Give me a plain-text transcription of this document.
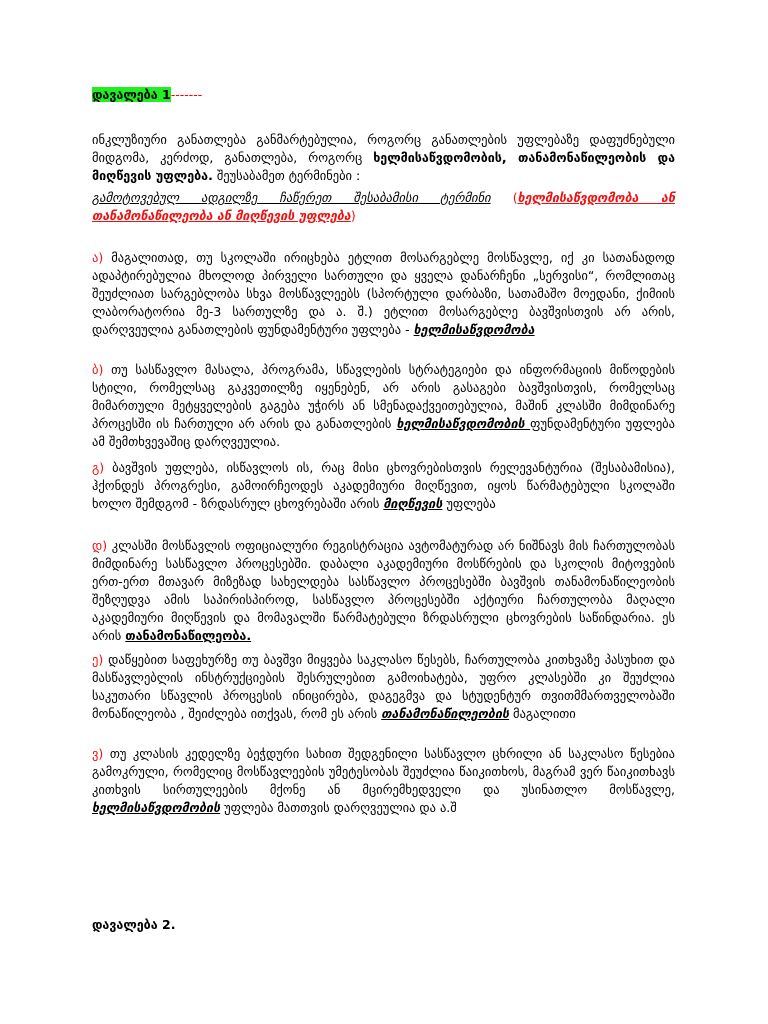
დავალება 1-------
ინკლუზიური განათლება განმარტებულია, როგორც განათლების უფლებაზე დაფუძნებული მიდგომა, კერძოდ, განათლება, როგორც ხელმისაწვდომობის, თანამონაწილეობის და მიღწევის უფლება. შეუსაბამეთ ტერმინები :
გამოტოვებულ ადგილზე ჩაწერეთ შესაბამისი ტერმინი (ხელმისაწვდომობა ან თანამონაწილეობა ან მიღწევის უფლება)
ა) მაგალითად, თუ სკოლაში ირიცხება ეტლით მოსარგებლე მოსწავლე, იქ კი სათანადოდ ადაპტირებულია მხოლოდ პირველი სართული და ყველა დანარჩენი „სერვისი“, რომლითაც შეუძლიათ სარგებლობა სხვა მოსწავლეებს (სპორტული დარბაზი, სათამაშო მოედანი, ქიმიის ლაბორატორია მე-3 სართულზე და ა. შ.) ეტლით მოსარგებლე ბავშვისთვის არ არის, დარღვეულია განათლების ფუნდამენტური უფლება - ხელმისაწვდომობა
ბ) თუ სასწავლო მასალა, პროგრამა, სწავლების სტრატეგიები და ინფორმაციის მიწოდების სტილი, რომელსაც გაკვეთილზე იყენებენ, არ არის გასაგები ბავშვისთვის, რომელსაც მიმართული მეტყველების გაგება უჭირს ან სმენადაქვეითებულია, მაშინ კლასში მიმდინარე პროცესში ის ჩართული არ არის და განათლების ხელმისაწვდომობის ფუნდამენტური უფლება ამ შემთხვევაშიც დარღვეულია.
გ) ბავშვის უფლება, ისწავლოს ის, რაც მისი ცხოვრებისთვის რელევანტურია (შესაბამისია), ჰქონდეს პროგრესი, გამოირჩეოდეს აკადემიური მიღწევით, იყოს წარმატებული სკოლაში ხოლო შემდგომ - ზრდასრულ ცხოვრებაში არის მიღწევის უფლება
დ) კლასში მოსწავლის ოფიციალური რეგისტრაცია ავტომატურად არ ნიშნავს მის ჩართულობას მიმდინარე სასწავლო პროცესებში. დაბალი აკადემიური მოსწრების და სკოლის მიტოვების ერთ-ერთ მთავარ მიზეზად სახელდება სასწავლო პროცესებში ბავშვის თანამონაწილეობის შეზღუდვა ამის საპირისპიროდ, სასწავლო პროცესებში აქტიური ჩართულობა მაღალი აკადემიური მიღწევის და მომავალში წარმატებული ზრდასრული ცხოვრების საწინდარია. ეს არის თანამონაწილეობა.
ე) დაწყებით საფეხურზე თუ ბავშვი მიყვება საკლასო წესებს, ჩართულობა კითხვაზე პასუხით და მასწავლებლის ინსტრუქციების შესრულებით გამოიხატება, უფრო კლასებში კი შეუძლია საკუთარი სწავლის პროცესის ინიცირება, დაგეგმვა და სტუდენტურ თვითმმართველობაში მონაწილეობა , შეიძლება ითქვას, რომ ეს არის თანამონაწილეობის მაგალითი
ვ) თუ კლასის კედელზე ბეჭდური სახით შედგენილი სასწავლო ცხრილი ან საკლასო წესებია გამოკრული, რომელიც მოსწავლეების უმეტესობას შეუძლია წაიკითხოს, მაგრამ ვერ წაიკითხავს კითხვის სირთულეების მქონე ან მცირემხედველი და უსინათლო მოსწავლე, ხელმისაწვდომობის უფლება მათთვის დარღვეულია და ა.შ
დავალება 2.
